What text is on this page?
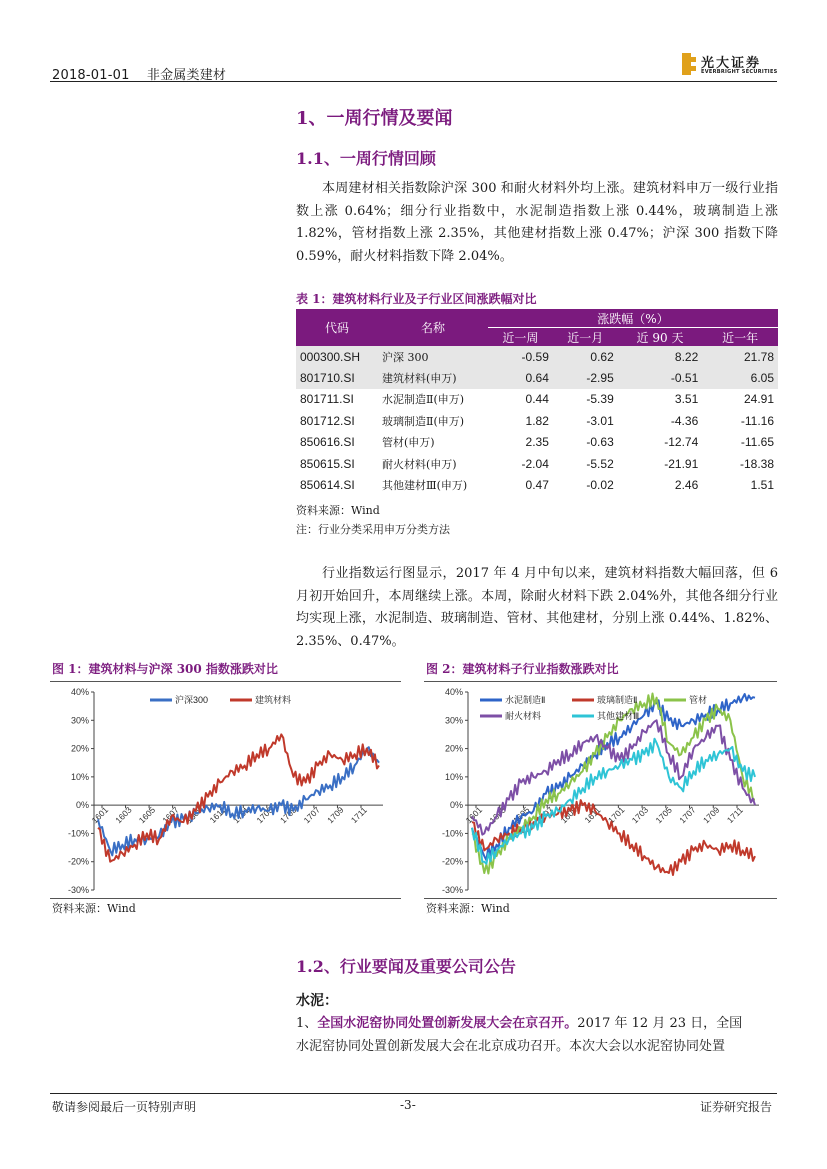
2018-01-01 非金属类建材
光大证券
EVERBRIGHT SECURITIES
1、一周行情及要闻
1.1、一周行情回顾

本周建材相关指数除沪深 300 和耐火材料外均上涨。建筑材料申万一级行业指数上涨 0.64%；细分行业指数中，水泥制造指数上涨 0.44%，玻璃制造上涨 1.82%，管材指数上涨 2.35%，其他建材指数上涨 0.47%；沪深 300 指数下降 0.59%，耐火材料指数下降 2.04%。

表 1：建筑材料行业及子行业区间涨跌幅对比
代码	名称	涨跌幅（%）			
		近一周	近一月	近 90 天	近一年
000300.SH	沪深 300	-0.59	0.62	8.22	21.78
801710.SI	建筑材料(申万)	0.64	-2.95	-0.51	6.05
801711.SI	水泥制造Ⅱ(申万)	0.44	-5.39	3.51	24.91
801712.SI	玻璃制造Ⅱ(申万)	1.82	-3.01	-4.36	-11.16
850616.SI	管材(申万)	2.35	-0.63	-12.74	-11.65
850615.SI	耐火材料(申万)	-2.04	-5.52	-21.91	-18.38
850614.SI	其他建材Ⅲ(申万)	0.47	-0.02	2.46	1.51
资料来源：Wind
注：行业分类采用申万分类方法

行业指数运行图显示，2017 年 4 月中旬以来，建筑材料指数大幅回落，但 6 月初开始回升，本周继续上涨。本周，除耐火材料下跌 2.04%外，其他各细分行业均实现上涨，水泥制造、玻璃制造、管材、其他建材，分别上涨 0.44%、1.82%、2.35%、0.47%。

图 1：建筑材料与沪深 300 指数涨跌对比
40%
30%
20%
10%
0%
-10%
-20%
-30%
1601 1603 1605 1607 1609 1611 1701 1703 1705 1707 1709 1711
沪深300	建筑材料
资料来源：Wind
图 2：建筑材料子行业指数涨跌对比
40%
30%
20%
10%
0%
-10%
-20%
-30%
1601 1603 1605 1607 1609 1611 1701 1703 1705 1707 1709 1711
水泥制造Ⅱ	玻璃制造Ⅱ	管材
耐火材料	其他建材Ⅲ
资料来源：Wind
1.2、行业要闻及重要公司公告
水泥：
1、全国水泥窑协同处置创新发展大会在京召开。2017 年 12 月 23 日，全国
水泥窑协同处置创新发展大会在北京成功召开。本次大会以水泥窑协同处置
敬请参阅最后一页特别声明	-3-	证券研究报告
